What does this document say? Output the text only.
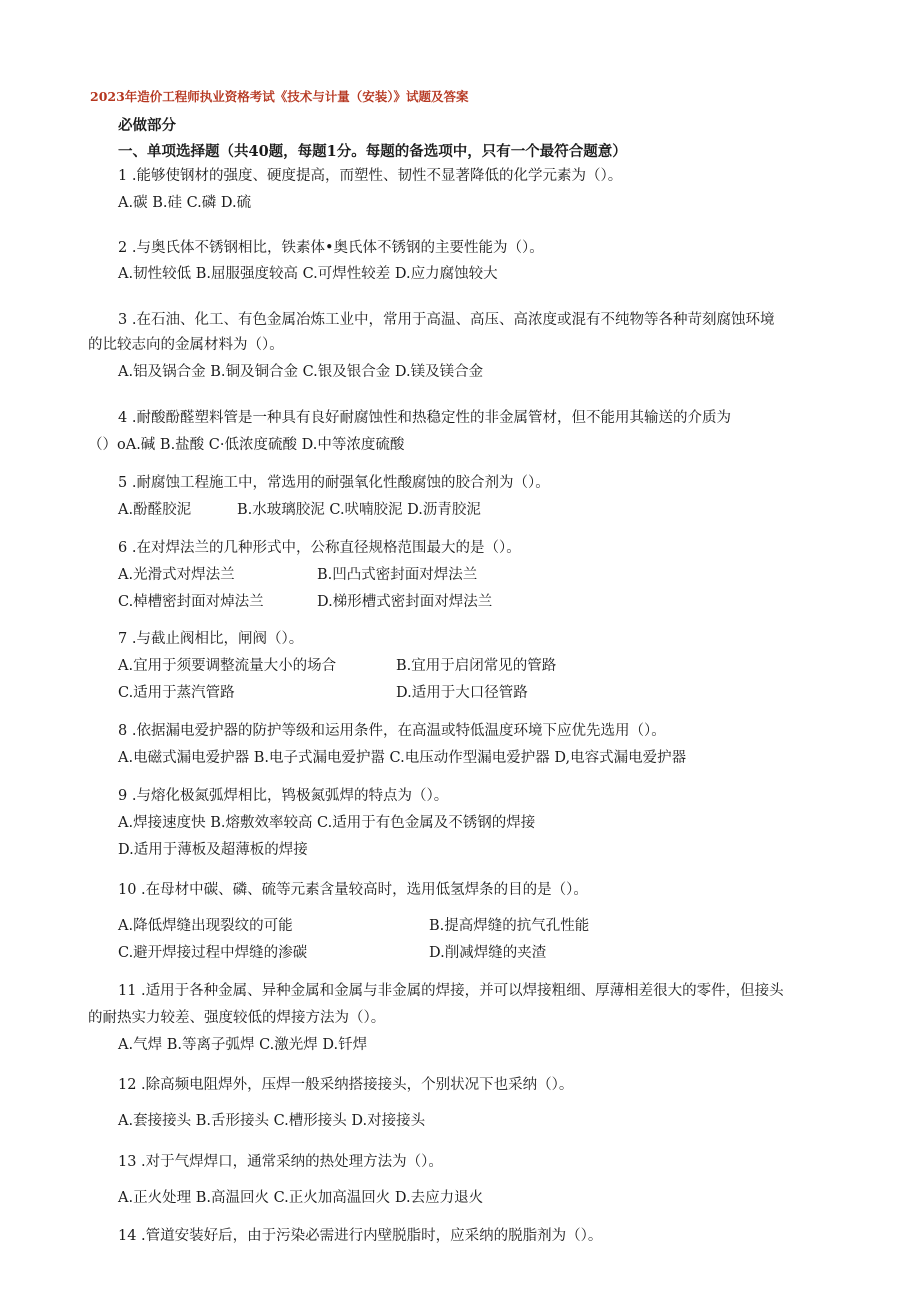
2023年造价工程师执业资格考试《技术与计量（安装）》试题及答案
必做部分
一、单项选择题（共40题，每题1分。每题的备选项中，只有一个最符合题意）
1 .能够使钢材的强度、硬度提高，而塑性、韧性不显著降低的化学元素为（）。
A.碳 B.硅 C.磷 D.硫
2 .与奥氏体不锈钢相比，铁素体•奥氏体不锈钢的主要性能为（）。
A.韧性较低 B.屈服强度较高 C.可焊性较差 D.应力腐蚀较大
3 .在石油、化工、有色金属冶炼工业中，常用于高温、高压、高浓度或混有不纯物等各种苛刻腐蚀环境
的比较志向的金属材料为（）。
A.铝及锅合金 B.铜及铜合金 C.银及银合金 D.镁及镁合金
4 .耐酸酚醛塑料管是一种具有良好耐腐蚀性和热稳定性的非金属管材，但不能用其输送的介质为
（）oA.碱 B.盐酸 C·低浓度硫酸 D.中等浓度硫酸
5 .耐腐蚀工程施工中，常选用的耐强氧化性酸腐蚀的胶合剂为（）。
A.酚醛胶泥	B.水玻璃胶泥 C.吠喃胶泥 D.沥青胶泥
6 .在对焊法兰的几种形式中，公称直径规格范围最大的是（）。
A.光滑式对焊法兰	B.凹凸式密封面对焊法兰
C.棹槽密封面对焯法兰	D.梯形槽式密封面对焊法兰
7 .与截止阀相比，闸阀（）。
A.宜用于须要调整流量大小的场合	B.宜用于启闭常见的管路
C.适用于蒸汽管路	D.适用于大口径管路
8 .依据漏电爱护器的防护等级和运用条件，在高温或特低温度环境下应优先选用（）。
A.电磁式漏电爱护器 B.电子式漏电爱护嚣 C.电压动作型漏电爱护器 D,电容式漏电爱护器
9 .与熔化极氮弧焊相比，鸨极氮弧焊的特点为（）。
A.焊接速度快 B.熔敷效率较高 C.适用于有色金属及不锈钢的焊接
D.适用于薄板及超薄板的焊接
10 .在母材中碳、磷、硫等元素含量较高时，选用低氢焊条的目的是（）。
A.降低焊缝出现裂纹的可能	B.提高焊缝的抗气孔性能
C.避开焊接过程中焊缝的渗碳	D.削减焊缝的夹渣
11 .适用于各种金属、异种金属和金属与非金属的焊接，并可以焊接粗细、厚薄相差很大的零件，但接头
的耐热实力较差、强度较低的焊接方法为（）。
A.气焊 B.等离子弧焊 C.激光焊 D.钎焊
12 .除高频电阻焊外，压焊一般采纳搭接接头，个别状况下也采纳（）。
A.套接接头 B.舌形接头 C.槽形接头 D.对接接头
13 .对于气焊焊口，通常采纳的热处理方法为（）。
A.正火处理 B.高温回火 C.正火加高温回火 D.去应力退火
14 .管道安装好后，由于污染必需进行内壁脱脂时，应采纳的脱脂剂为（）。
